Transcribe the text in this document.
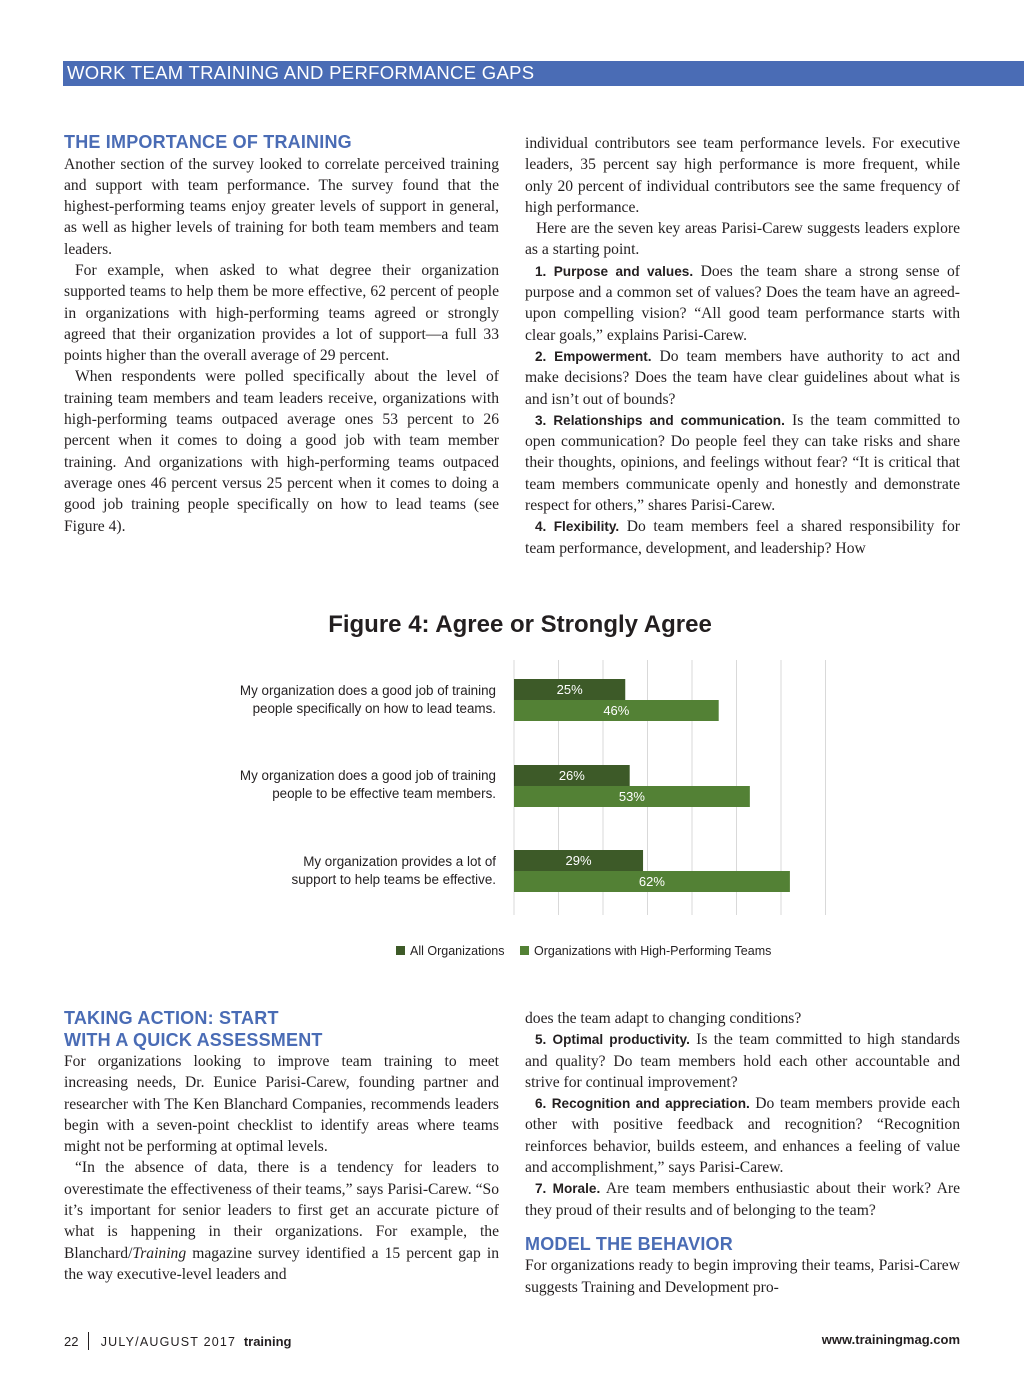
WORK TEAM TRAINING AND PERFORMANCE GAPS
THE IMPORTANCE OF TRAINING

Another section of the survey looked to correlate perceived training and support with team performance. The survey found that the highest-performing teams enjoy greater levels of support in general, as well as higher levels of training for both team members and team leaders.

For example, when asked to what degree their organization supported teams to help them be more effective, 62 percent of people in organizations with high-performing teams agreed or strongly agreed that their organization provides a lot of support—a full 33 points higher than the overall average of 29 percent.

When respondents were polled specifically about the level of training team members and team leaders receive, organizations with high-performing teams outpaced average ones 53 percent to 26 percent when it comes to doing a good job with team member training. And organizations with high-performing teams outpaced average ones 46 percent versus 25 percent when it comes to doing a good job training people specifically on how to lead teams (see Figure 4).

individual contributors see team performance levels. For executive leaders, 35 percent say high performance is more frequent, while only 20 percent of individual contributors see the same frequency of high performance.

Here are the seven key areas Parisi-Carew suggests leaders explore as a starting point.

1. Purpose and values. Does the team share a strong sense of purpose and a common set of values? Does the team have an agreed-upon compelling vision? “All good team performance starts with clear goals,” explains Parisi-Carew.

2. Empowerment. Do team members have authority to act and make decisions? Does the team have clear guidelines about what is and isn’t out of bounds?

3. Relationships and communication. Is the team committed to open communication? Do people feel they can take risks and share their thoughts, opinions, and feelings without fear? “It is critical that team members communicate openly and honestly and demonstrate respect for others,” shares Parisi-Carew.

4. Flexibility. Do team members feel a shared responsibility for team performance, development, and leadership? How

Figure 4: Agree or Strongly Agree
My organization does a good job of training
people specifically on how to lead teams.
My organization does a good job of training
people to be effective team members.
My organization provides a lot of
support to help teams be effective.
25%
26%
29%
46%
53%
62%
All Organizations Organizations with High-Performing Teams
TAKING ACTION: START
WITH A QUICK ASSESSMENT

For organizations looking to improve team training to meet increasing needs, Dr. Eunice Parisi-Carew, founding partner and researcher with The Ken Blanchard Companies, recommends leaders begin with a seven-point checklist to identify areas where teams might not be performing at optimal levels.

“In the absence of data, there is a tendency for leaders to overestimate the effectiveness of their teams,” says Parisi-Carew. “So it’s important for senior leaders to first get an accurate picture of what is happening in their organizations. For example, the Blanchard/Training magazine survey identified a 15 percent gap in the way executive-level leaders and

does the team adapt to changing conditions?

5. Optimal productivity. Is the team committed to high standards and quality? Do team members hold each other accountable and strive for continual improvement?

6. Recognition and appreciation. Do team members provide each other with positive feedback and recognition? “Recognition reinforces behavior, builds esteem, and enhances a feeling of value and accomplishment,” says Parisi-Carew.

7. Morale. Are team members enthusiastic about their work? Are they proud of their results and of belonging to the team?

MODEL THE BEHAVIOR

For organizations ready to begin improving their teams, Parisi-Carew suggests Training and Development pro-

22 JULY/AUGUST 2017 training	www.trainingmag.com
